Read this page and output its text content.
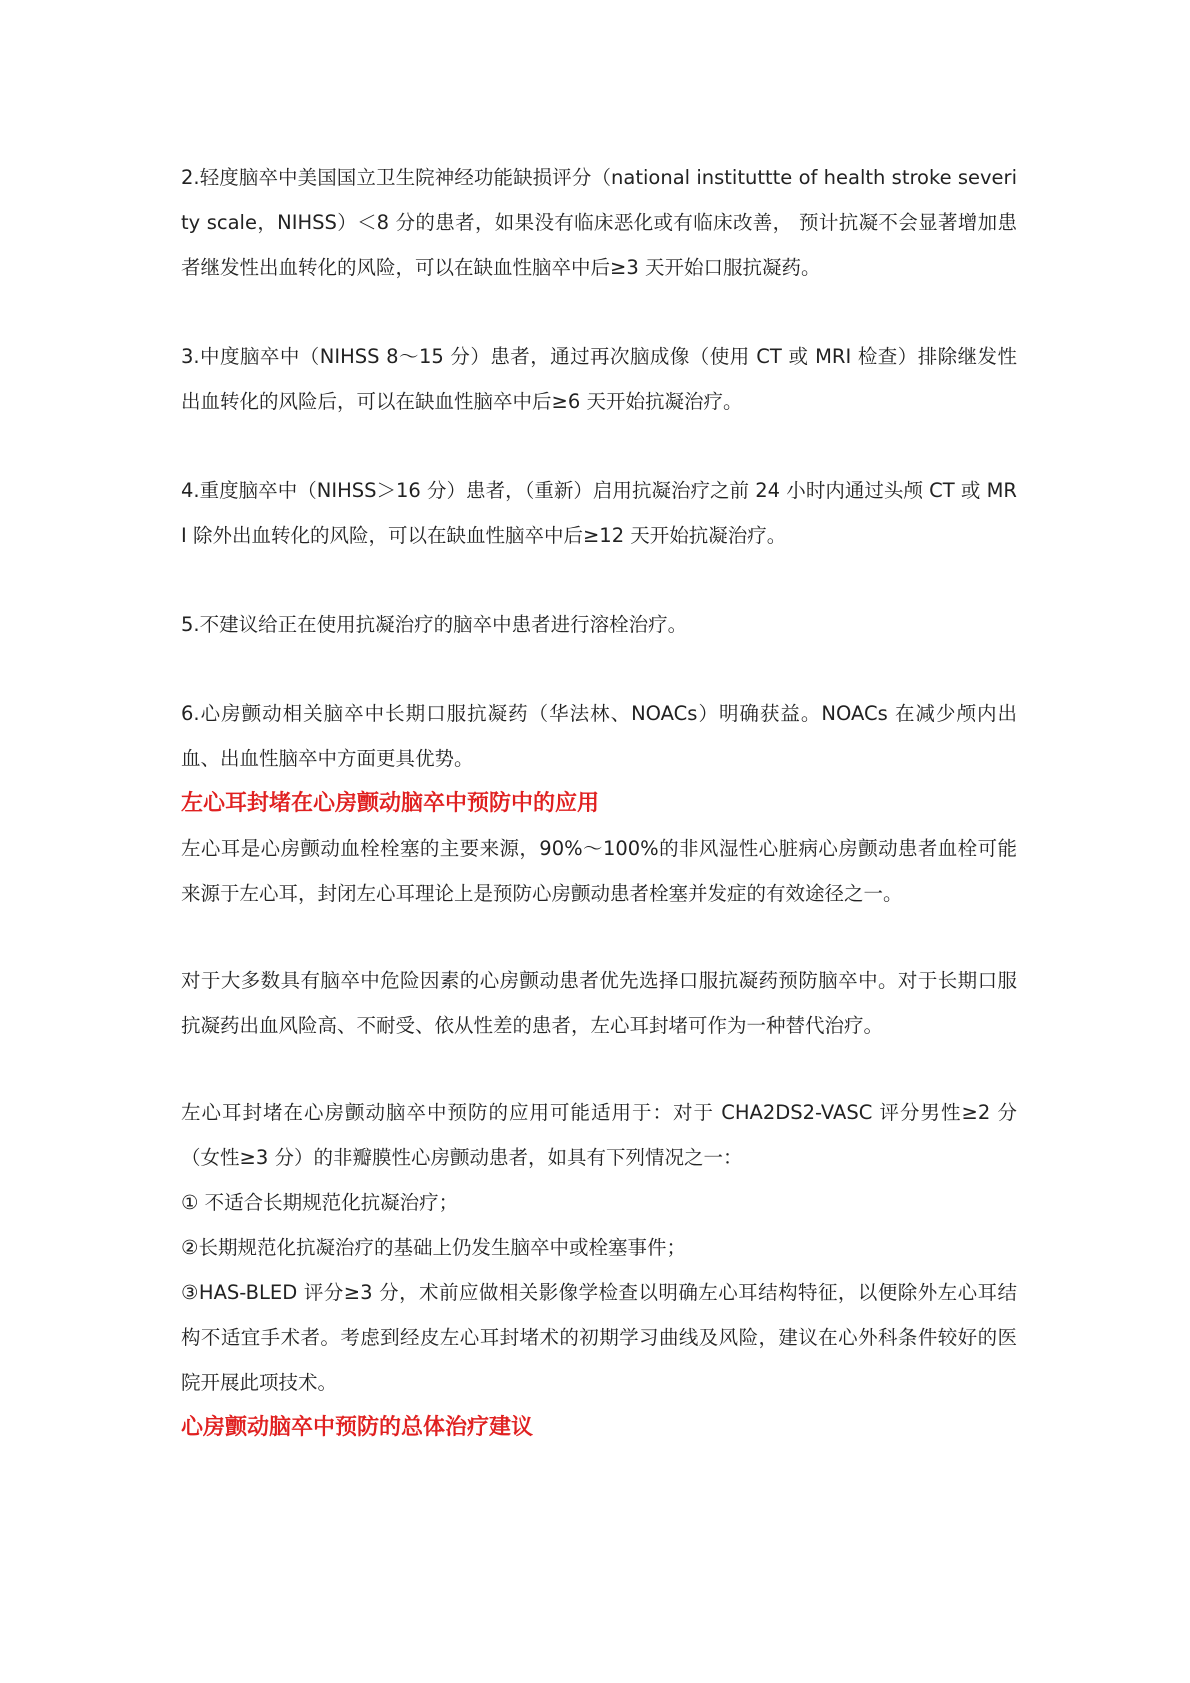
2.轻度脑卒中美国国立卫生院神经功能缺损评分（national instituttte of health stroke severity scale，NIHSS）＜8 分的患者，如果没有临床恶化或有临床改善， 预计抗凝不会显著增加患者继发性出血转化的风险，可以在缺血性脑卒中后≥3 天开始口服抗凝药。

3.中度脑卒中（NIHSS 8～15 分）患者，通过再次脑成像（使用 CT 或 MRI 检查）排除继发性出血转化的风险后，可以在缺血性脑卒中后≥6 天开始抗凝治疗。

4.重度脑卒中（NIHSS＞16 分）患者，（重新）启用抗凝治疗之前 24 小时内通过头颅 CT 或 MRI 除外出血转化的风险，可以在缺血性脑卒中后≥12 天开始抗凝治疗。

5.不建议给正在使用抗凝治疗的脑卒中患者进行溶栓治疗。

6.心房颤动相关脑卒中长期口服抗凝药（华法林、NOACs）明确获益。NOACs 在减少颅内出血、出血性脑卒中方面更具优势。

左心耳封堵在心房颤动脑卒中预防中的应用

左心耳是心房颤动血栓栓塞的主要来源，90%～100%的非风湿性心脏病心房颤动患者血栓可能来源于左心耳，封闭左心耳理论上是预防心房颤动患者栓塞并发症的有效途径之一。

对于大多数具有脑卒中危险因素的心房颤动患者优先选择口服抗凝药预防脑卒中。对于长期口服抗凝药出血风险高、不耐受、依从性差的患者，左心耳封堵可作为一种替代治疗。

左心耳封堵在心房颤动脑卒中预防的应用可能适用于：对于 CHA2DS2-VASC 评分男性≥2 分（女性≥3 分）的非瓣膜性心房颤动患者，如具有下列情况之一：

① 不适合长期规范化抗凝治疗；

②长期规范化抗凝治疗的基础上仍发生脑卒中或栓塞事件；

③HAS-BLED 评分≥3 分，术前应做相关影像学检查以明确左心耳结构特征，以便除外左心耳结构不适宜手术者。考虑到经皮左心耳封堵术的初期学习曲线及风险，建议在心外科条件较好的医院开展此项技术。

心房颤动脑卒中预防的总体治疗建议
